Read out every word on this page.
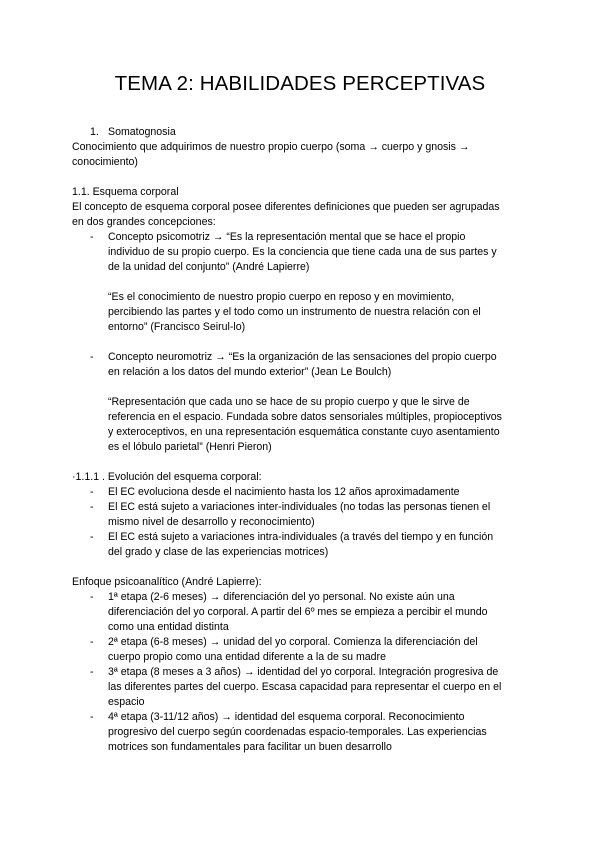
TEMA 2: HABILIDADES PERCEPTIVAS
1. Somatognosia
Conocimiento que adquirimos de nuestro propio cuerpo (soma → cuerpo y gnosis →
conocimiento)
1.1. Esquema corporal
El concepto de esquema corporal posee diferentes definiciones que pueden ser agrupadas
en dos grandes concepciones:
- Concepto psicomotriz → “Es la representación mental que se hace el propio
individuo de su propio cuerpo. Es la conciencia que tiene cada una de sus partes y
de la unidad del conjunto” (André Lapierre)
“Es el conocimiento de nuestro propio cuerpo en reposo y en movimiento,
percibiendo las partes y el todo como un instrumento de nuestra relación con el
entorno” (Francisco Seirul-lo)
- Concepto neuromotriz → “Es la organización de las sensaciones del propio cuerpo
en relación a los datos del mundo exterior” (Jean Le Boulch)
“Representación que cada uno se hace de su propio cuerpo y que le sirve de
referencia en el espacio. Fundada sobre datos sensoriales múltiples, propioceptivos
y exteroceptivos, en una representación esquemática constante cuyo asentamiento
es el lóbulo parietal” (Henri Pieron)
·1.1.1 . Evolución del esquema corporal:
- El EC evoluciona desde el nacimiento hasta los 12 años aproximadamente
- El EC está sujeto a variaciones inter-individuales (no todas las personas tienen el
mismo nivel de desarrollo y reconocimiento)
- El EC está sujeto a variaciones intra-individuales (a través del tiempo y en función
del grado y clase de las experiencias motrices)
Enfoque psicoanalítico (André Lapierre):
- 1ª etapa (2-6 meses) → diferenciación del yo personal. No existe aún una
diferenciación del yo corporal. A partir del 6º mes se empieza a percibir el mundo
como una entidad distinta
- 2ª etapa (6-8 meses) → unidad del yo corporal. Comienza la diferenciación del
cuerpo propio como una entidad diferente a la de su madre
- 3ª etapa (8 meses a 3 años) → identidad del yo corporal. Integración progresiva de
las diferentes partes del cuerpo. Escasa capacidad para representar el cuerpo en el
espacio
- 4ª etapa (3-11/12 años) → identidad del esquema corporal. Reconocimiento
progresivo del cuerpo según coordenadas espacio-temporales. Las experiencias
motrices son fundamentales para facilitar un buen desarrollo
